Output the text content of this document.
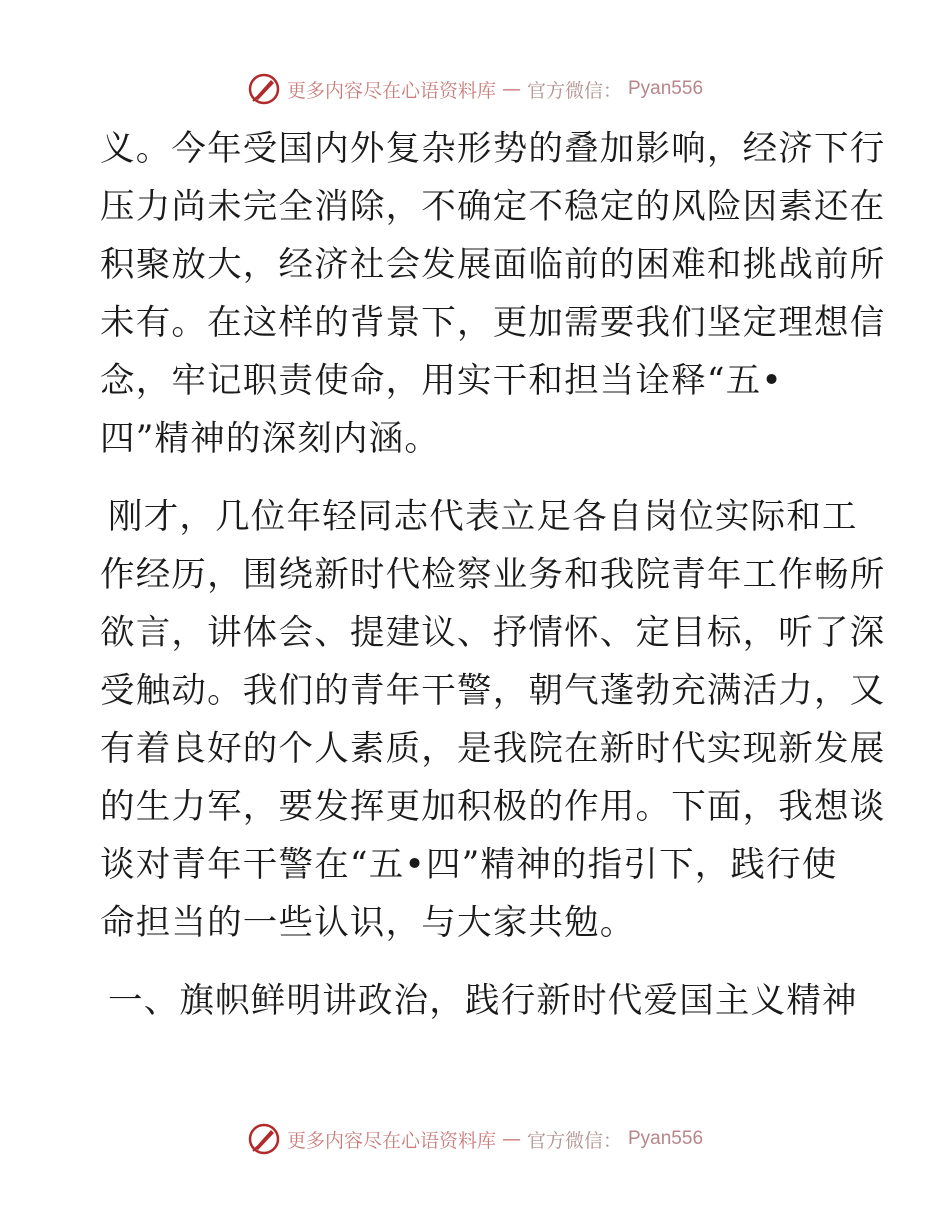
更多内容尽在心语资料库 — 官方微信： Pyan556
义。今年受国内外复杂形势的叠加影响，经济下行
压力尚未完全消除，不确定不稳定的风险因素还在
积聚放大，经济社会发展面临前的困难和挑战前所
未有。在这样的背景下，更加需要我们坚定理想信
念，牢记职责使命，用实干和担当诠释“五•
四”精神的深刻内涵。
刚才，几位年轻同志代表立足各自岗位实际和工
作经历，围绕新时代检察业务和我院青年工作畅所
欲言，讲体会、提建议、抒情怀、定目标，听了深
受触动。我们的青年干警，朝气蓬勃充满活力，又
有着良好的个人素质，是我院在新时代实现新发展
的生力军，要发挥更加积极的作用。下面，我想谈
谈对青年干警在“五•四”精神的指引下，践行使
命担当的一些认识，与大家共勉。
一、旗帜鲜明讲政治，践行新时代爱国主义精神
更多内容尽在心语资料库 — 官方微信： Pyan556
